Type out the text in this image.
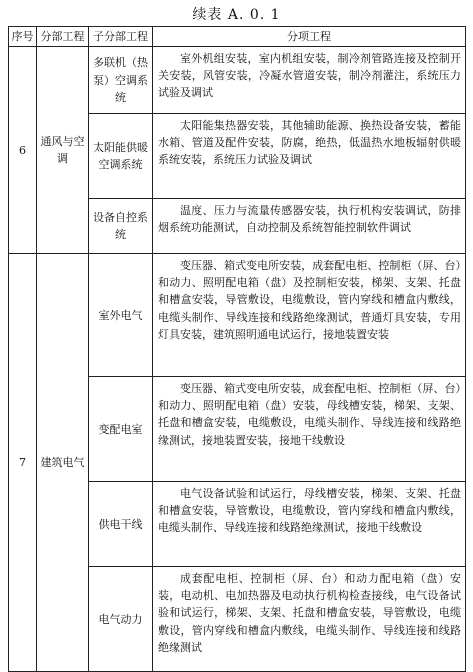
续表 A. 0. 1
序号	分部工程	子分部工程	分项工程
6	通风与空调	多联机（热泵）空调系统	室外机组安装，室内机组安装，制冷剂管路连接及控制开关安装，风管安装，冷凝水管道安装，制冷剂灌注，系统压力试验及调试
		太阳能供暖空调系统	太阳能集热器安装，其他辅助能源、换热设备安装，蓄能水箱、管道及配件安装，防腐，绝热，低温热水地板辐射供暖系统安装，系统压力试验及调试
		设备自控系统	温度、压力与流量传感器安装，执行机构安装调试，防排烟系统功能测试，自动控制及系统智能控制软件调试
7	建筑电气	室外电气	变压器、箱式变电所安装，成套配电柜、控制柜（屏、台）和动力、照明配电箱（盘）及控制柜安装，梯架、支架、托盘和槽盒安装，导管敷设，电缆敷设，管内穿线和槽盒内敷线，电缆头制作、导线连接和线路绝缘测试，普通灯具安装，专用灯具安装，建筑照明通电试运行，接地装置安装
		变配电室	变压器、箱式变电所安装，成套配电柜、控制柜（屏、台）和动力、照明配电箱（盘）安装，母线槽安装，梯架、支架、托盘和槽盒安装，电缆敷设，电缆头制作、导线连接和线路绝缘测试，接地装置安装，接地干线敷设
		供电干线	电气设备试验和试运行，母线槽安装，梯架、支架、托盘和槽盒安装，导管敷设，电缆敷设，管内穿线和槽盒内敷线，电缆头制作、导线连接和线路绝缘测试，接地干线敷设
		电气动力	成套配电柜、控制柜（屏、台）和动力配电箱（盘）安装，电动机、电加热器及电动执行机构检查接线，电气设备试验和试运行，梯架、支架、托盘和槽盒安装，导管敷设，电缆敷设，管内穿线和槽盒内敷线，电缆头制作、导线连接和线路绝缘测试
